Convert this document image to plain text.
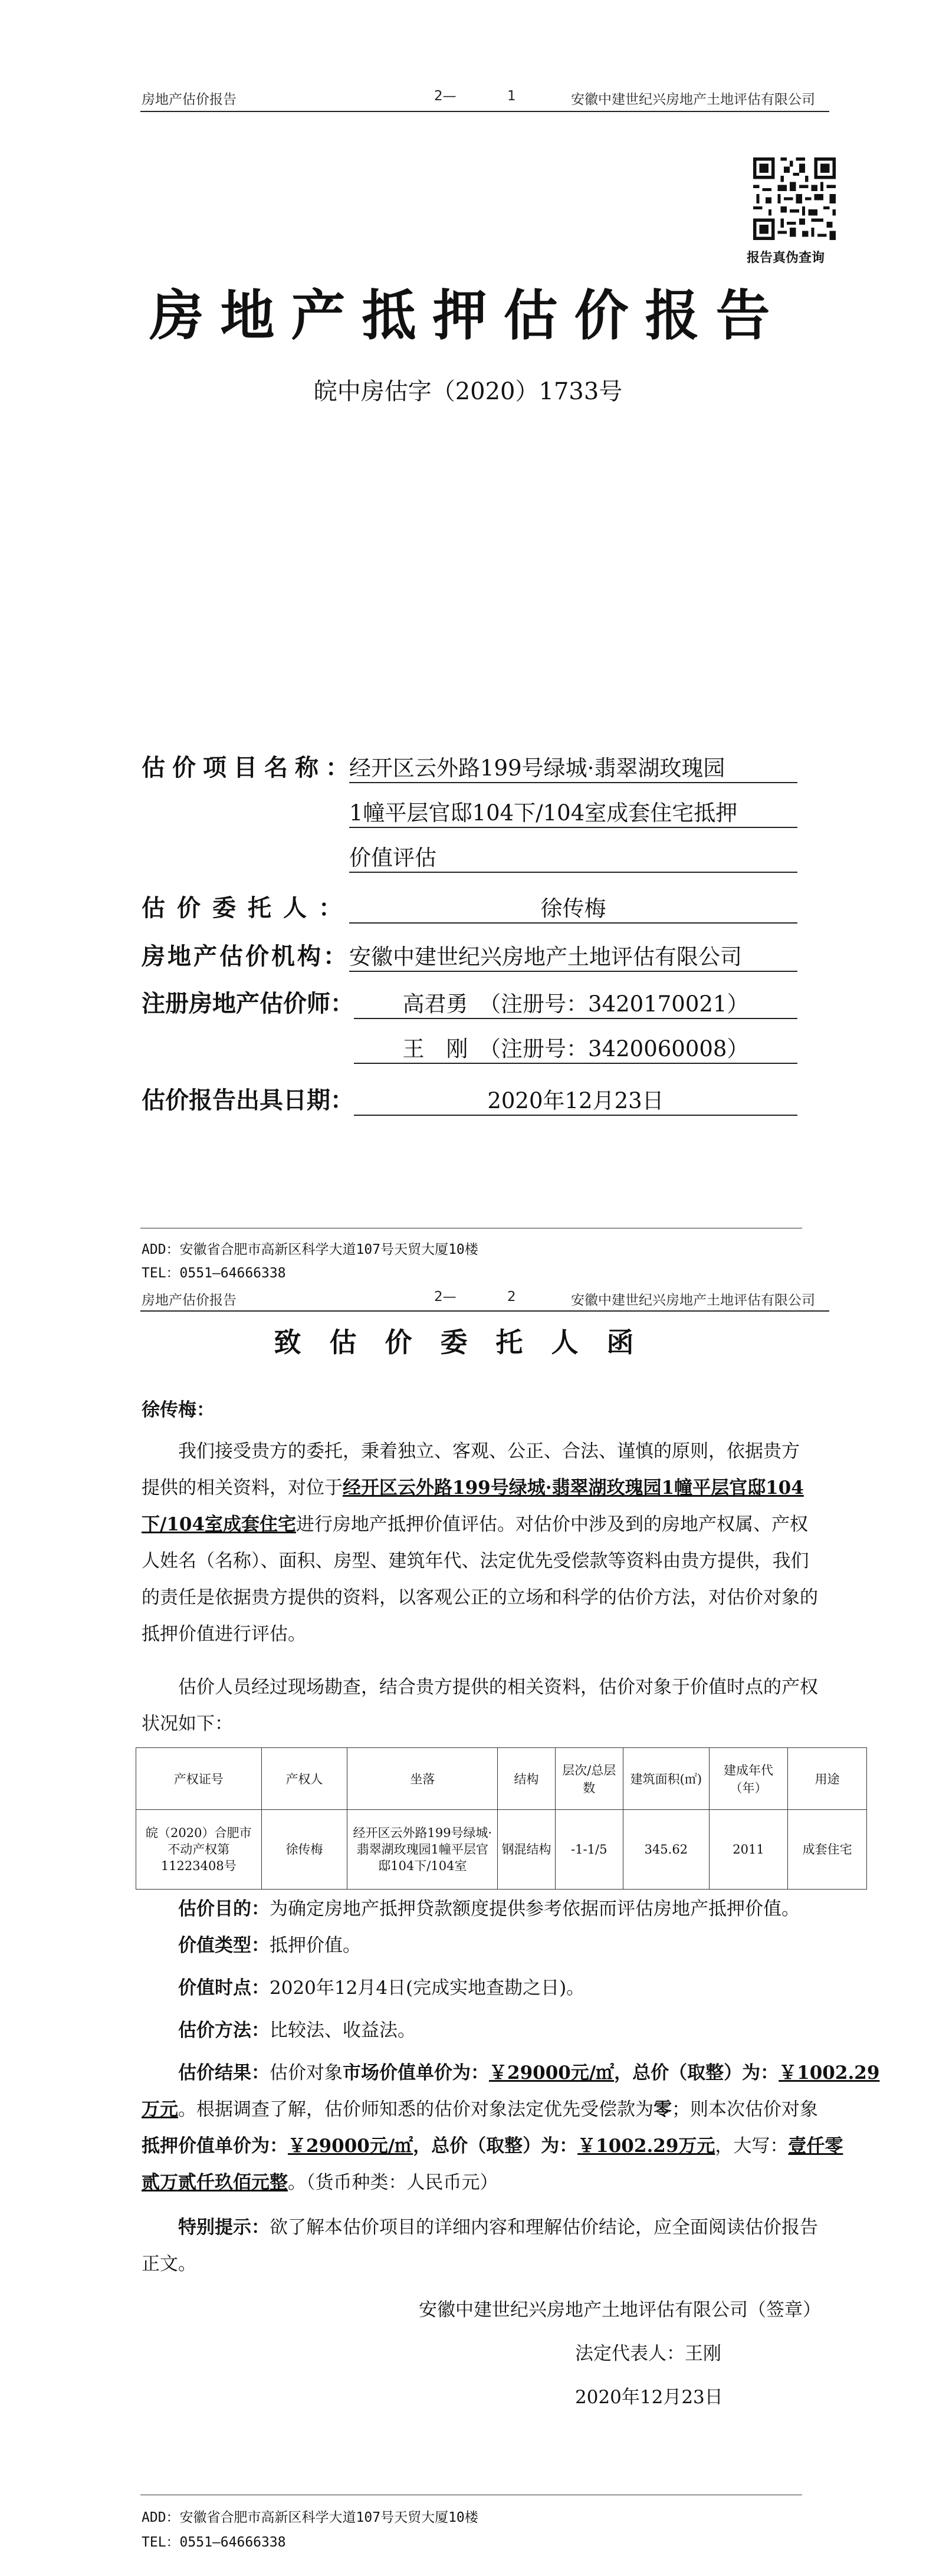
房地产估价报告	2—	1	安徽中建世纪兴房地产土地评估有限公司
报告真伪查询
房地产抵押估价报告
皖中房估字（2020）1733号
估价项目名称：
经开区云外路199号绿城·翡翠湖玫瑰园
1幢平层官邸104下/104室成套住宅抵押
价值评估
估价委托人：	徐传梅
房地产估价机构： 安徽中建世纪兴房地产土地评估有限公司
注册房地产估价师：	高君勇　（注册号：3420170021）
王　刚　（注册号：3420060008）
估价报告出具日期：	2020年12月23日
ADD：安徽省合肥市高新区科学大道107号天贸大厦10楼
TEL：0551—64666338
房地产估价报告	2—	2	安徽中建世纪兴房地产土地评估有限公司
致估价委托人函
徐传梅：
我们接受贵方的委托，秉着独立、客观、公正、合法、谨慎的原则，依据贵方
提供的相关资料，对位于经开区云外路199号绿城·翡翠湖玫瑰园1幢平层官邸104
下/104室成套住宅进行房地产抵押价值评估。对估价中涉及到的房地产权属、产权
人姓名（名称）、面积、房型、建筑年代、法定优先受偿款等资料由贵方提供，我们
的责任是依据贵方提供的资料，以客观公正的立场和科学的估价方法，对估价对象的
抵押价值进行评估。
估价人员经过现场勘查，结合贵方提供的相关资料，估价对象于价值时点的产权
状况如下：
产权证号	产权人	坐落	结构	层次/总层数	建筑面积(㎡)	建成年代（年）	用途
皖（2020）合肥市不动产权第11223408号	徐传梅	经开区云外路199号绿城·翡翠湖玫瑰园1幢平层官邸104下/104室	钢混结构	-1-1/5	345.62	2011	成套住宅
估价目的：为确定房地产抵押贷款额度提供参考依据而评估房地产抵押价值。
价值类型：抵押价值。
价值时点：2020年12月4日(完成实地查勘之日)。
估价方法：比较法、收益法。
估价结果：估价对象市场价值单价为：￥29000元/㎡，总价（取整）为：￥1002.29
万元。根据调查了解，估价师知悉的估价对象法定优先受偿款为零；则本次估价对象
抵押价值单价为：￥29000元/㎡，总价（取整）为：￥1002.29万元，大写：壹仟零
贰万贰仟玖佰元整。（货币种类：人民币元）
特别提示：欲了解本估价项目的详细内容和理解估价结论，应全面阅读估价报告
正文。
安徽中建世纪兴房地产土地评估有限公司（签章）
法定代表人：王刚
2020年12月23日
ADD：安徽省合肥市高新区科学大道107号天贸大厦10楼
TEL：0551—64666338
